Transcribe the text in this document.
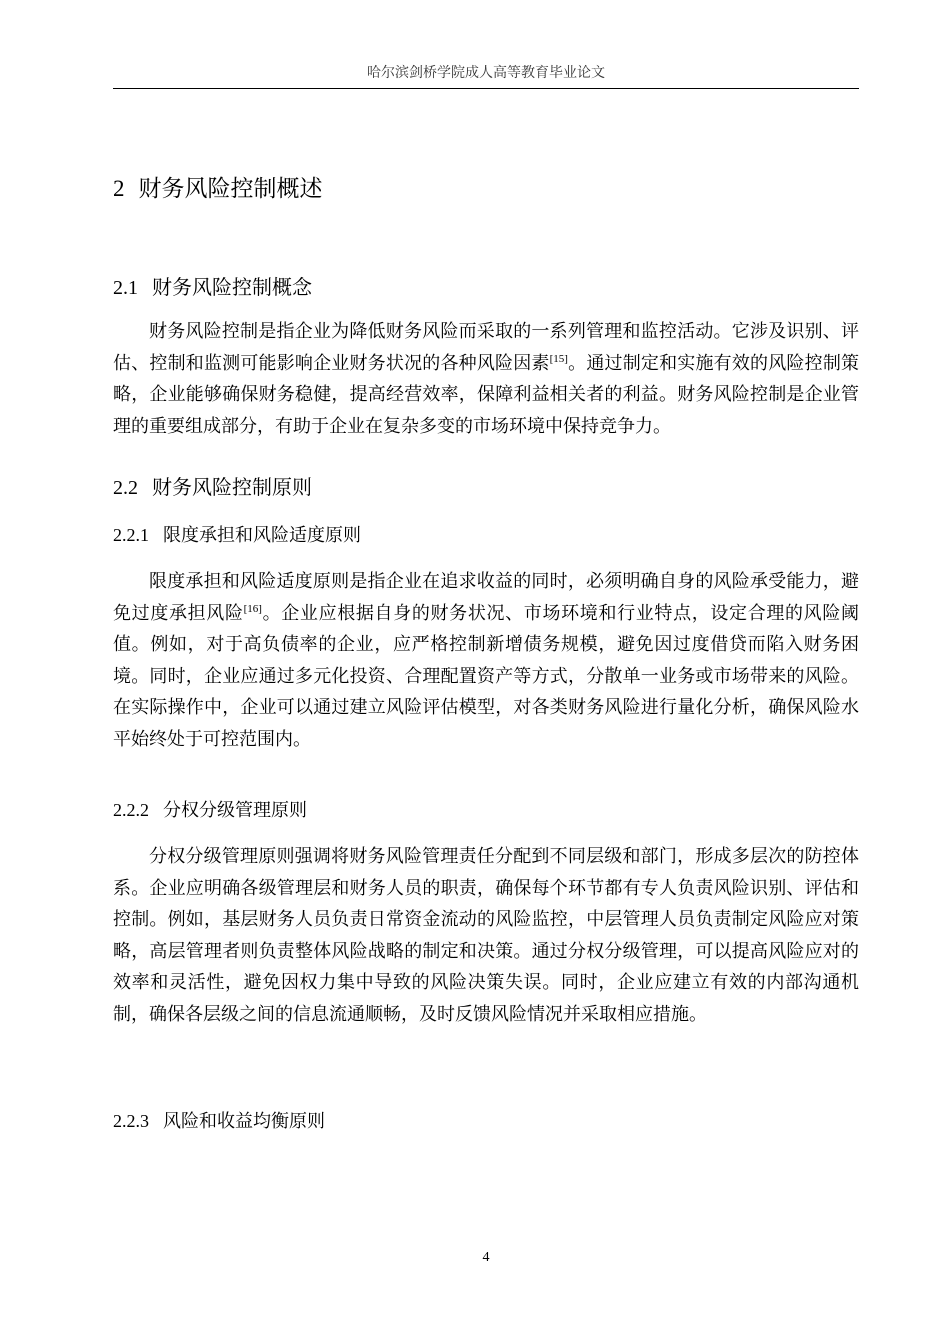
哈尔滨剑桥学院成人高等教育毕业论文
2 财务风险控制概述
2.1 财务风险控制概念
财务风险控制是指企业为降低财务风险而采取的一系列管理和监控活动。它涉及识别、评估、控制和监测可能影响企业财务状况的各种风险因素[15]。通过制定和实施有效的风险控制策略，企业能够确保财务稳健，提高经营效率，保障利益相关者的利益。财务风险控制是企业管理的重要组成部分，有助于企业在复杂多变的市场环境中保持竞争力。
2.2 财务风险控制原则
2.2.1 限度承担和风险适度原则
限度承担和风险适度原则是指企业在追求收益的同时，必须明确自身的风险承受能力，避免过度承担风险[16]。企业应根据自身的财务状况、市场环境和行业特点，设定合理的风险阈值。例如，对于高负债率的企业，应严格控制新增债务规模，避免因过度借贷而陷入财务困境。同时，企业应通过多元化投资、合理配置资产等方式，分散单一业务或市场带来的风险。在实际操作中，企业可以通过建立风险评估模型，对各类财务风险进行量化分析，确保风险水平始终处于可控范围内。
2.2.2 分权分级管理原则
分权分级管理原则强调将财务风险管理责任分配到不同层级和部门，形成多层次的防控体系。企业应明确各级管理层和财务人员的职责，确保每个环节都有专人负责风险识别、评估和控制。例如，基层财务人员负责日常资金流动的风险监控，中层管理人员负责制定风险应对策略，高层管理者则负责整体风险战略的制定和决策。通过分权分级管理，可以提高风险应对的效率和灵活性，避免因权力集中导致的风险决策失误。同时，企业应建立有效的内部沟通机制，确保各层级之间的信息流通顺畅，及时反馈风险情况并采取相应措施。
2.2.3 风险和收益均衡原则
4
